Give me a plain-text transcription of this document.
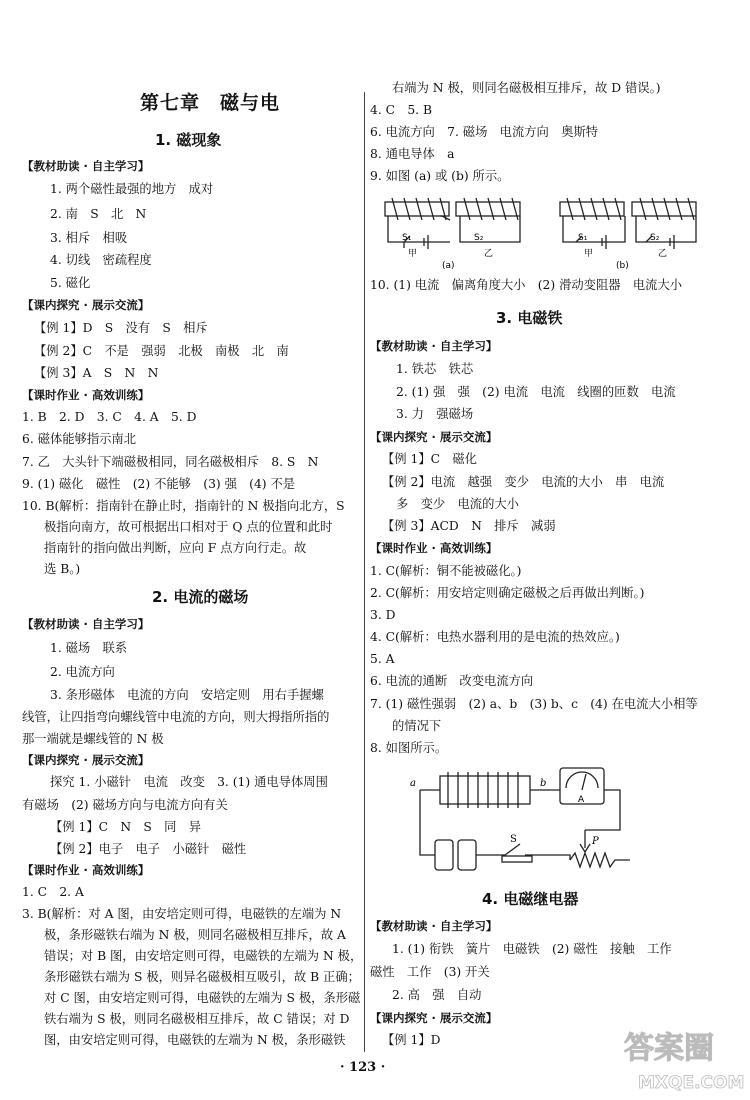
第七章　磁与电
1. 磁现象
【教材助读 · 自主学习】
1. 两个磁性最强的地方　成对
2. 南　S　北　N
3. 相斥　相吸
4. 切线　密疏程度
5. 磁化
【课内探究 · 展示交流】
【例 1】D　S　没有　S　相斥
【例 2】C　不是　强弱　北极　南极　北　南
【例 3】A　S　N　N
【课时作业 · 高效训练】
1. B　2. D　3. C　4. A　5. D
6. 磁体能够指示南北
7. 乙　大头针下端磁极相同，同名磁极相斥　8. S　N
9. (1) 磁化　磁性　(2) 不能够　(3) 强　(4) 不是
10. B(解析：指南针在静止时，指南针的 N 极指向北方，S
极指向南方，故可根据出口相对于 Q 点的位置和此时
指南针的指向做出判断，应向 F 点方向行走。故
选 B。)
2. 电流的磁场
【教材助读 · 自主学习】
1. 磁场　联系
2. 电流方向
3. 条形磁体　电流的方向　安培定则　用右手握螺
线管，让四指弯向螺线管中电流的方向，则大拇指所指的
那一端就是螺线管的 N 极
【课内探究 · 展示交流】
探究 1. 小磁针　电流　改变　3. (1) 通电导体周围
有磁场　(2) 磁场方向与电流方向有关
【例 1】C　N　S　同　异
【例 2】电子　电子　小磁针　磁性
【课时作业 · 高效训练】
1. C　2. A
3. B(解析：对 A 图，由安培定则可得，电磁铁的左端为 N
极，条形磁铁右端为 N 极，则同名磁极相互排斥，故 A
错误；对 B 图，由安培定则可得，电磁铁的左端为 N 极，
条形磁铁右端为 S 极，则异名磁极相互吸引，故 B 正确；
对 C 图，由安培定则可得，电磁铁的左端为 S 极，条形磁
铁右端为 S 极，则同名磁极相互排斥，故 C 错误；对 D
图，由安培定则可得，电磁铁的左端为 N 极，条形磁铁
右端为 N 极，则同名磁极相互排斥，故 D 错误。)
4. C　5. B
6. 电流方向　7. 磁场　电流方向　奥斯特
8. 通电导体　a
9. 如图 (a) 或 (b) 所示。
S₁
甲
S₂
乙
(a)
S₁
甲
S₂
乙
(b)
10. (1) 电流　偏离角度大小　(2) 滑动变阻器　电流大小
3. 电磁铁
【教材助读 · 自主学习】
1. 铁芯　铁芯
2. (1) 强　强　(2) 电流　电流　线圈的匝数　电流
3. 力　强磁场
【课内探究 · 展示交流】
【例 1】C　磁化
【例 2】电流　越强　变少　电流的大小　串　电流
多　变少　电流的大小
【例 3】ACD　N　排斥　减弱
【课时作业 · 高效训练】
1. C(解析：铜不能被磁化。)
2. C(解析：用安培定则确定磁极之后再做出判断。)
3. D
4. C(解析：电热水器利用的是电流的热效应。)
5. A
6. 电流的通断　改变电流方向
7. (1) 磁性强弱　(2) a、b　(3) b、c　(4) 在电流大小相等
的情况下
8. 如图所示。
a	b
A
S	P
4. 电磁继电器
【教材助读 · 自主学习】
1. (1) 衔铁　簧片　电磁铁　(2) 磁性　接触　工作
磁性　工作　(3) 开关
2. 高　强　自动
【课内探究 · 展示交流】
【例 1】D
· 123 ·
答案圈
MXQE.COM
